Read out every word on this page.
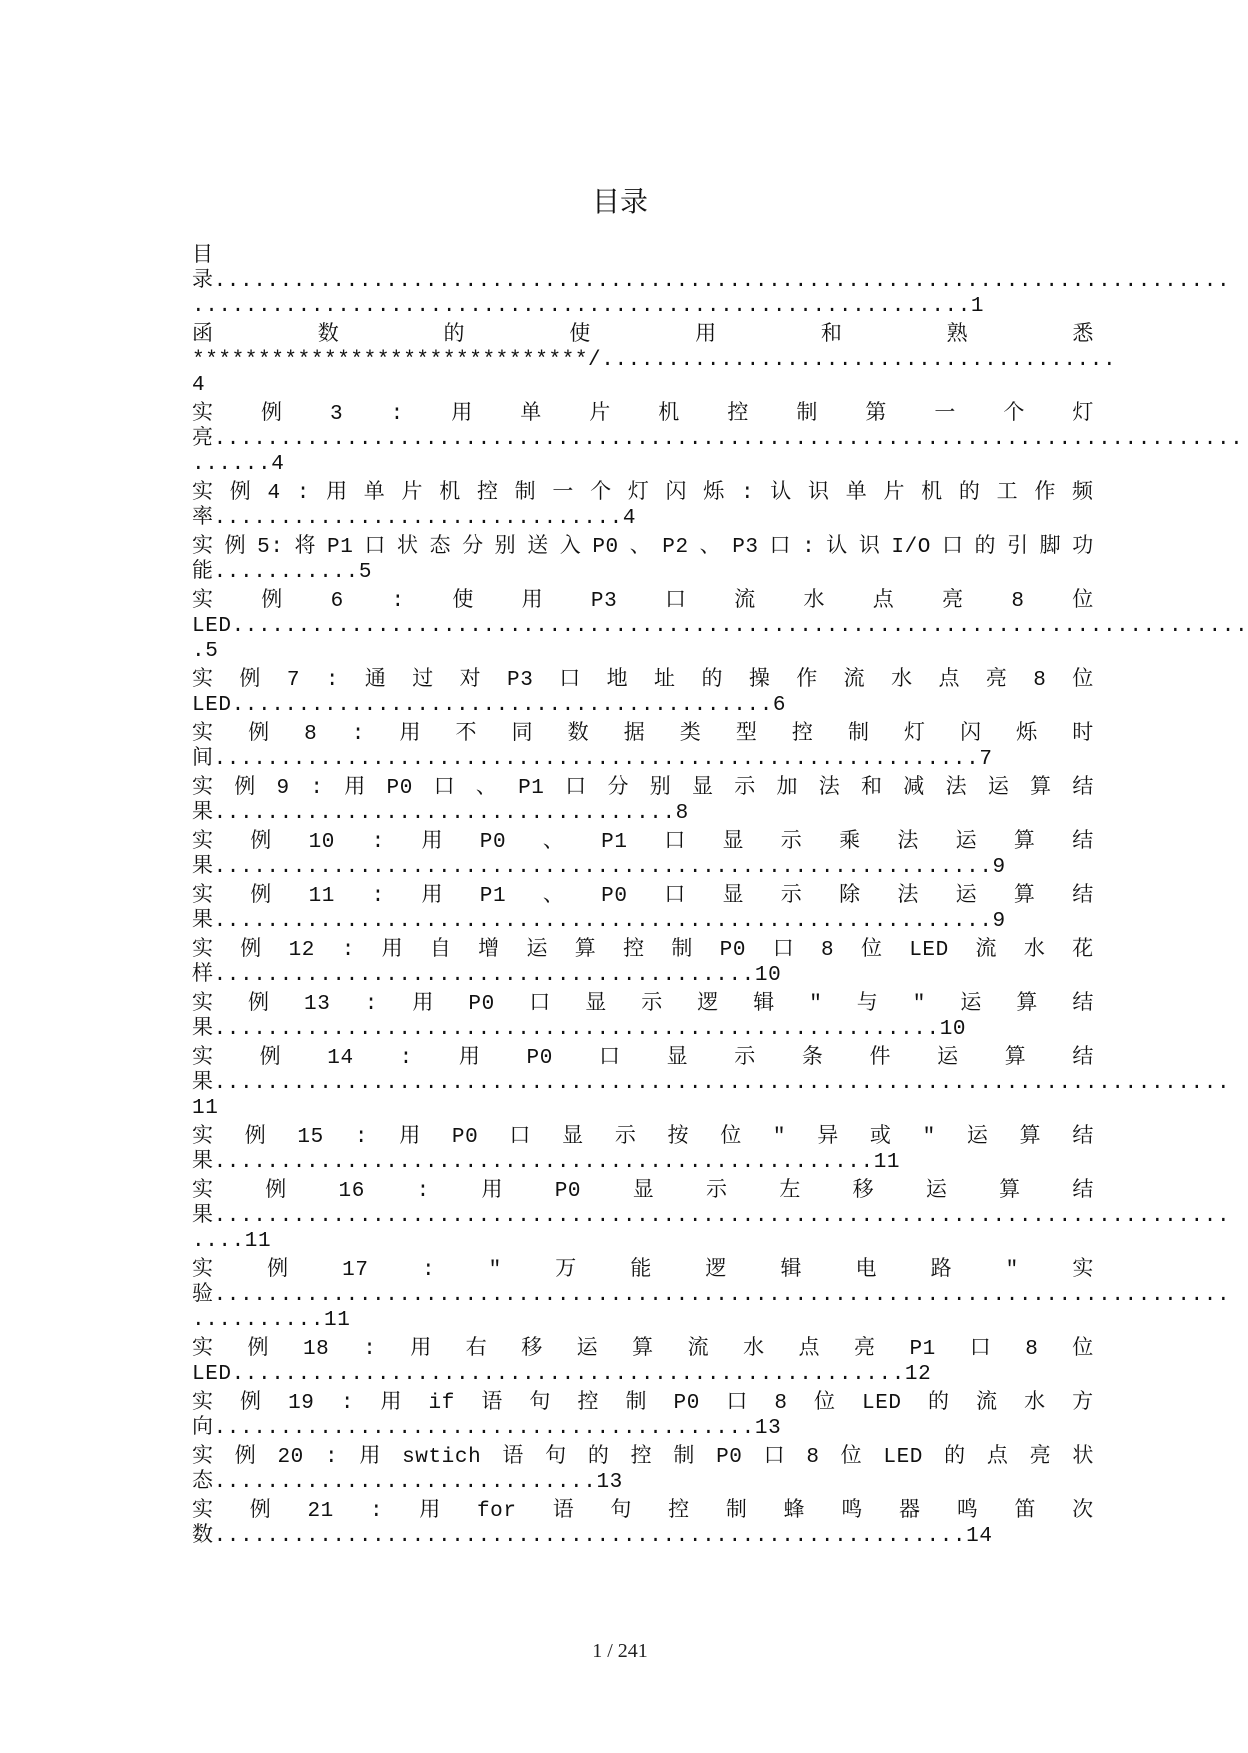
目录
目
录.............................................................................
...........................................................1
函	数	的	使	用	和	熟	悉
******************************/.......................................
4
实 例 3 : 用 单 片 机 控 制 第 一 个 灯
亮..............................................................................
......4
实 例 4 : 用 单 片 机 控 制 一 个 灯 闪 烁 : 认 识 单 片 机 的 工 作 频
率...............................4
实 例 5: 将 P1 口 状 态 分 别 送 入 P0 、 P2 、 P3 口 : 认 识 I/O 口 的 引 脚 功
能...........5
实 例 6 : 使 用 P3 口 流 水 点 亮 8 位
LED.............................................................................
.5
实 例 7 : 通 过 对 P3 口 地 址 的 操 作 流 水 点 亮 8 位
LED.........................................6
实 例 8 : 用 不 同 数 据 类 型 控 制 灯 闪 烁 时
间..........................................................7
实 例 9 : 用 P0 口 、 P1 口 分 别 显 示 加 法 和 减 法 运 算 结
果...................................8
实 例 10 : 用 P0 、 P1 口 显 示 乘 法 运 算 结
果...........................................................9
实 例 11 : 用 P1 、 P0 口 显 示 除 法 运 算 结
果...........................................................9
实 例 12 : 用 自 增 运 算 控 制 P0 口 8 位 LED 流 水 花
样.........................................10
实 例 13 : 用 P0 口 显 示 逻 辑 " 与 " 运 算 结
果.......................................................10
实 例 14 : 用 P0 口 显 示 条 件 运 算 结
果.............................................................................
11
实 例 15 : 用 P0 口 显 示 按 位 " 异 或 " 运 算 结
果..................................................11
实 例 16 : 用 P0 显 示 左 移 运 算 结
果.............................................................................
....11
实	例	17	:	"	万	能	逻	辑	电	路	"	实
验.............................................................................
..........11
实 例 18 : 用 右 移 运 算 流 水 点 亮 P1 口 8 位
LED...................................................12
实 例 19 : 用 if 语 句 控 制 P0 口 8 位 LED 的 流 水 方
向.........................................13
实 例 20 : 用 swtich 语 句 的 控 制 P0 口 8 位 LED 的 点 亮 状
态.............................13
实 例 21 : 用 for 语 句 控 制 蜂 鸣 器 鸣 笛 次
数.........................................................14
1 / 241
